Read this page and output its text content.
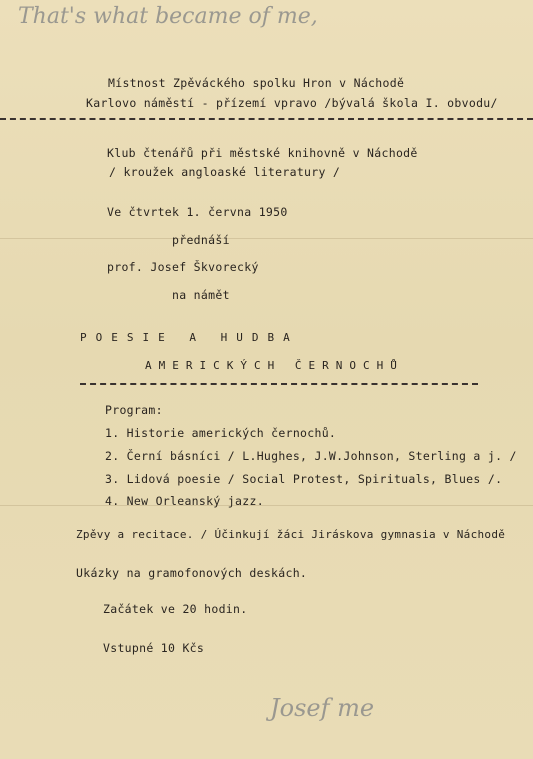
That's what became of me,
Místnost Zpěváckého spolku Hron v Náchodě
Karlovo náměstí - přízemí vpravo /bývalá škola I. obvodu/
Klub čtenářů při městské knihovně v Náchodě
/ kroužek angloaské literatury /
Ve čtvrtek 1. června 1950
přednáší
prof. Josef Škvorecký
na námět
POESIE A HUDBA
AMERICKÝCH ČERNOCHŮ
Program:
1. Historie amerických černochů.
2. Černí básníci / L.Hughes, J.W.Johnson, Sterling a j. /
3. Lidová poesie / Social Protest, Spirituals, Blues /.
4. New Orleanský jazz.
Zpěvy a recitace. / Účinkují žáci Jiráskova gymnasia v Náchodě
Ukázky na gramofonových deskách.
Začátek ve 20 hodin.
Vstupné 10 Kčs
Josef me
